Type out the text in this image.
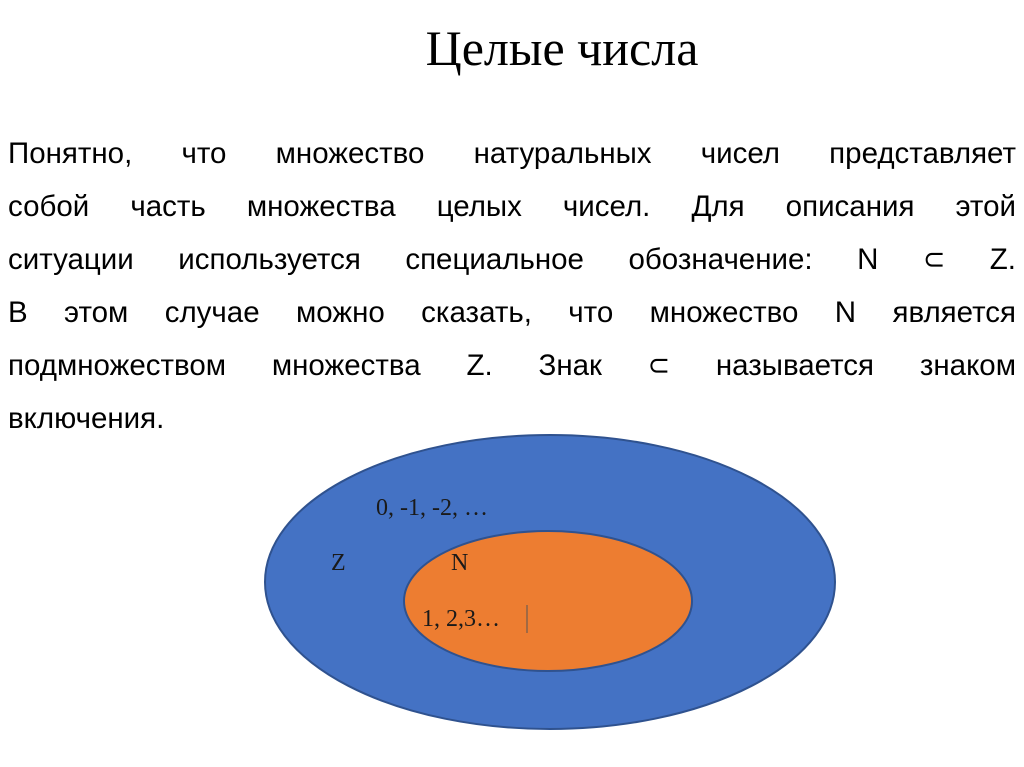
Целые числа
Понятно, что множество натуральных чисел представляет
собой часть множества целых чисел. Для описания этой
ситуации используется специальное обозначение: N ⊂ Z.
В этом случае можно сказать, что множество N является
подмножеством множества Z. Знак ⊂ называется знаком
включения.
0, -1, -2, …
Z	N
1, 2,3…
